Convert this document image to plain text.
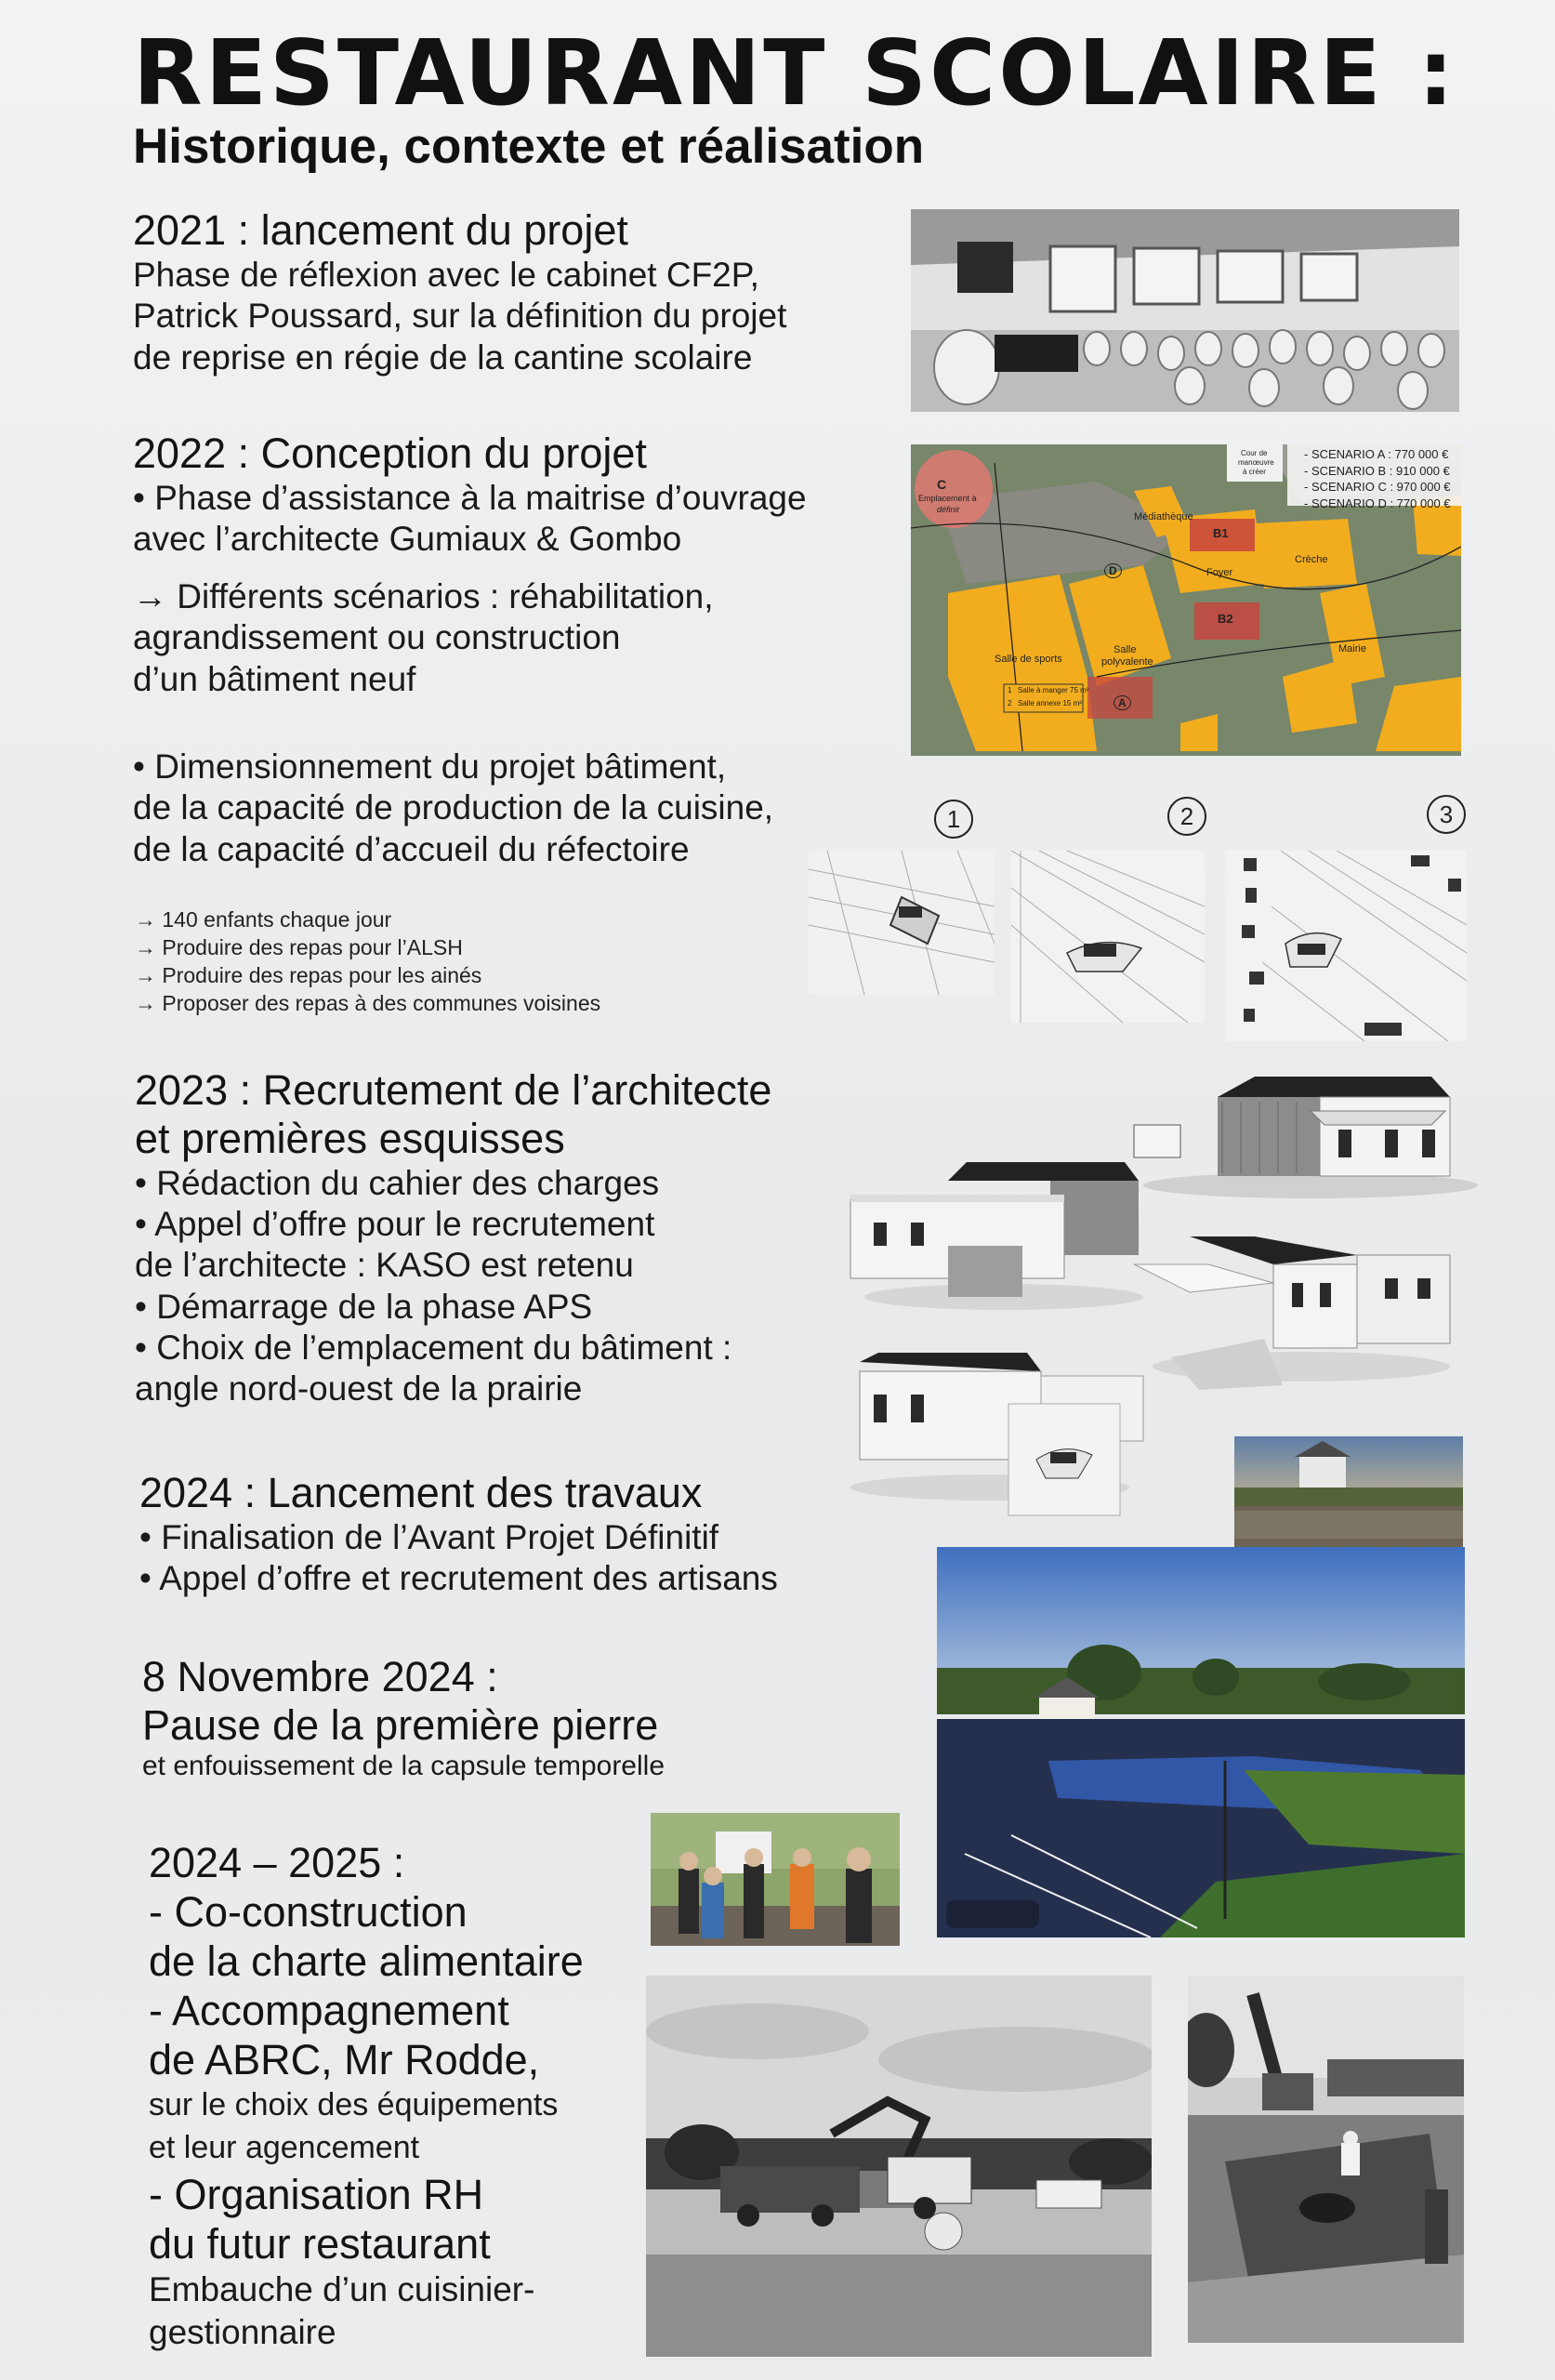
RESTAURANT SCOLAIRE :
Historique, contexte et réalisation
2021 : lancement du projet
Phase de réflexion avec le cabinet CF2P,
Patrick Poussard, sur la définition du projet
de reprise en régie de la cantine scolaire
2022 : Conception du projet
• Phase d’assistance à la maitrise d’ouvrage
avec l’architecte Gumiaux & Gombo
→ Différents scénarios : réhabilitation,
agrandissement ou construction
d’un bâtiment neuf
• Dimensionnement du projet bâtiment,
de la capacité de production de la cuisine,
de la capacité d’accueil du réfectoire
→ 140 enfants chaque jour
→ Produire des repas pour l’ALSH
→ Produire des repas pour les ainés
→ Proposer des repas à des communes voisines
C
Emplacement à
définir
B1
B2
D
A
Médiathèque
Foyer
Crèche
Mairie
Salle de sports
Salle
polyvalente
Cour de
manœuvre
à créer
1 Salle à manger 75 m²
2 Salle annexe 15 m²
- SCENARIO A : 770 000 €
- SCENARIO B : 910 000 €
- SCENARIO C : 970 000 €
- SCENARIO D : 770 000 €
1	2	3
2023 : Recrutement de l’architecte
et premières esquisses
• Rédaction du cahier des charges
• Appel d’offre pour le recrutement
de l’architecte : KASO est retenu
• Démarrage de la phase APS
• Choix de l’emplacement du bâtiment :
angle nord-ouest de la prairie
2024 : Lancement des travaux
• Finalisation de l’Avant Projet Définitif
• Appel d’offre et recrutement des artisans
8 Novembre 2024 :
Pause de la première pierre
et enfouissement de la capsule temporelle
2024 – 2025 :
- Co-construction
de la charte alimentaire
- Accompagnement
de ABRC, Mr Rodde,
sur le choix des équipements
et leur agencement
- Organisation RH
du futur restaurant
Embauche d’un cuisinier-
gestionnaire
